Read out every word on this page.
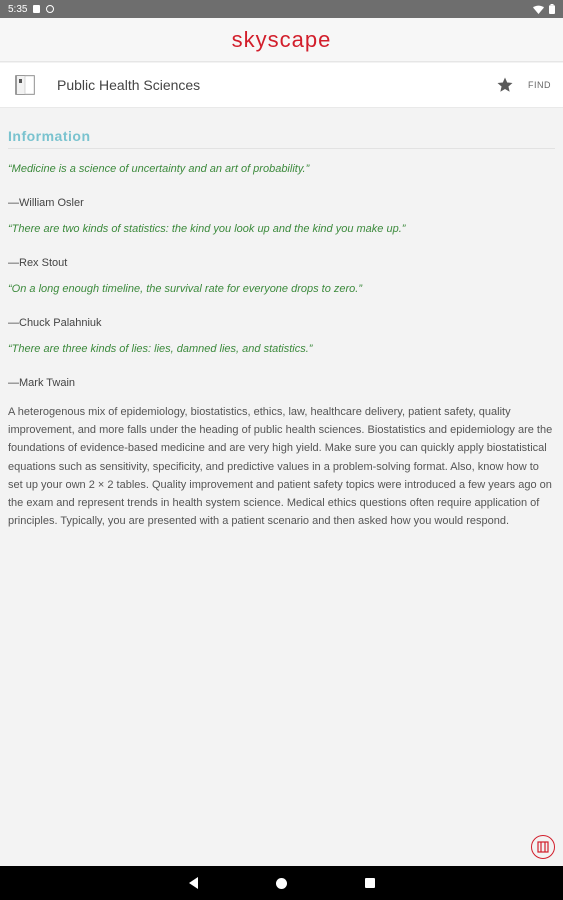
5:35
skyscape
Public Health Sciences	FIND
Information

“Medicine is a science of uncertainty and an art of probability.”

—William Osler

“There are two kinds of statistics: the kind you look up and the kind you make up.”

—Rex Stout

“On a long enough timeline, the survival rate for everyone drops to zero.”

—Chuck Palahniuk

“There are three kinds of lies: lies, damned lies, and statistics.”

—Mark Twain

A heterogenous mix of epidemiology, biostatistics, ethics, law, healthcare delivery, patient safety, quality improvement, and more falls under the heading of public health sciences. Biostatistics and epidemiology are the foundations of evidence-based medicine and are very high yield. Make sure you can quickly apply biostatistical equations such as sensitivity, specificity, and predictive values in a problem-solving format. Also, know how to set up your own 2 × 2 tables. Quality improvement and patient safety topics were introduced a few years ago on the exam and represent trends in health system science. Medical ethics questions often require application of principles. Typically, you are presented with a patient scenario and then asked how you would respond.
